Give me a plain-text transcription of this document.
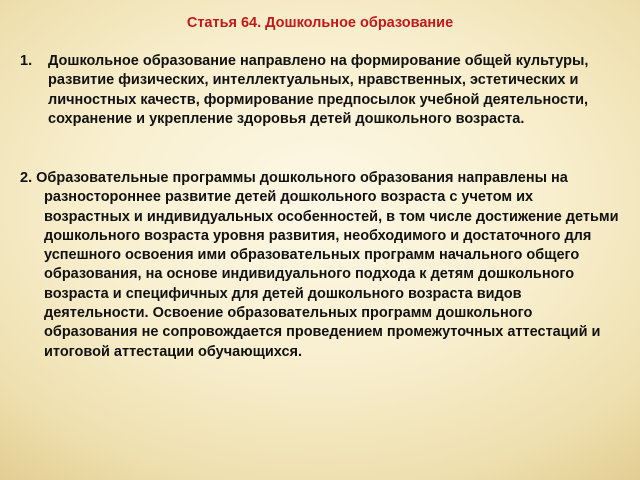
Статья 64. Дошкольное образование
1. Дошкольное образование направлено на формирование общей культуры, развитие физических, интеллектуальных, нравственных, эстетических и личностных качеств, формирование предпосылок учебной деятельности, сохранение и укрепление здоровья детей дошкольного возраста.

2. Образовательные программы дошкольного образования направлены на разностороннее развитие детей дошкольного возраста с учетом их возрастных и индивидуальных особенностей, в том числе достижение детьми дошкольного возраста уровня развития, необходимого и достаточного для успешного освоения ими образовательных программ начального общего образования, на основе индивидуального подхода к детям дошкольного возраста и специфичных для детей дошкольного возраста видов деятельности. Освоение образовательных программ дошкольного образования не сопровождается проведением промежуточных аттестаций и итоговой аттестации обучающихся.
